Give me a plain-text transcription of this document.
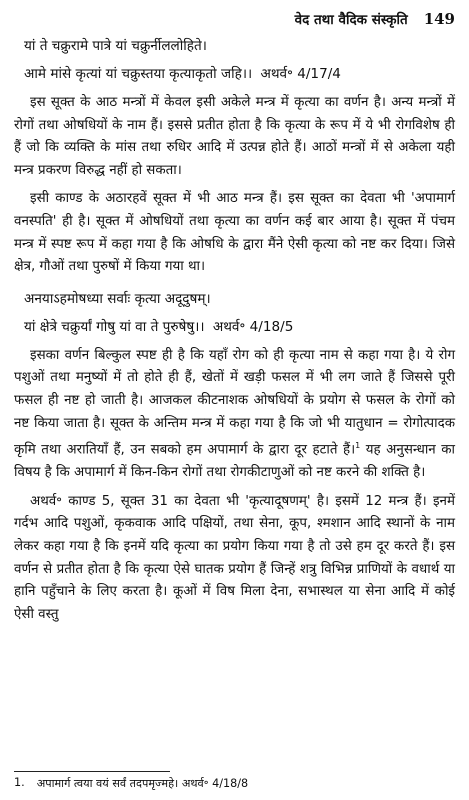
वेद तथा वैदिक संस्कृति 149
यां ते चक्रुरामे पात्रे यां चक्रुर्नीललोहिते।
आमे मांसे कृत्यां यां चक्रुस्तया कृत्याकृतो जहि।। अथर्व॰ 4/17/4

इस सूक्त के आठ मन्त्रों में केवल इसी अकेले मन्त्र में कृत्या का वर्णन है। अन्य मन्त्रों में रोगों तथा ओषधियों के नाम हैं। इससे प्रतीत होता है कि कृत्या के रूप में ये भी रोगविशेष ही हैं जो कि व्यक्ति के मांस तथा रुधिर आदि में उत्पन्न होते हैं। आठों मन्त्रों में से अकेला यही मन्त्र प्रकरण विरुद्ध नहीं हो सकता।

इसी काण्ड के अठारहवें सूक्त में भी आठ मन्त्र हैं। इस सूक्त का देवता भी 'अपामार्ग वनस्पति' ही है। सूक्त में ओषधियों तथा कृत्या का वर्णन कई बार आया है। सूक्त में पंचम मन्त्र में स्पष्ट रूप में कहा गया है कि ओषधि के द्वारा मैंने ऐसी कृत्या को नष्ट कर दिया। जिसे क्षेत्र, गौओं तथा पुरुषों में किया गया था।

अनयाऽहमोषध्या सर्वाः कृत्या अदूदुषम्।
यां क्षेत्रे चक्रुर्यां गोषु यां वा ते पुरुषेषु।। अथर्व॰ 4/18/5

इसका वर्णन बिल्कुल स्पष्ट ही है कि यहाँ रोग को ही कृत्या नाम से कहा गया है। ये रोग पशुओं तथा मनुष्यों में तो होते ही हैं, खेतों में खड़ी फसल में भी लग जाते हैं जिससे पूरी फसल ही नष्ट हो जाती है। आजकल कीटनाशक ओषधियों के प्रयोग से फसल के रोगों को नष्ट किया जाता है। सूक्त के अन्तिम मन्त्र में कहा गया है कि जो भी यातुधान = रोगोत्पादक कृमि तथा अरातियाँ हैं, उन सबको हम अपामार्ग के द्वारा दूर हटाते हैं।$^1$ यह अनुसन्धान का विषय है कि अपामार्ग में किन-किन रोगों तथा रोगकीटाणुओं को नष्ट करने की शक्ति है।

अथर्व॰ काण्ड 5, सूक्त 31 का देवता भी 'कृत्यादूषणम्' है। इसमें 12 मन्त्र हैं। इनमें गर्दभ आदि पशुओं, कृकवाक आदि पक्षियों, तथा सेना, कूप, श्मशान आदि स्थानों के नाम लेकर कहा गया है कि इनमें यदि कृत्या का प्रयोग किया गया है तो उसे हम दूर करते हैं। इस वर्णन से प्रतीत होता है कि कृत्या ऐसे घातक प्रयोग हैं जिन्हें शत्रु विभिन्न प्राणियों के वधार्थ या हानि पहुँचाने के लिए करता है। कूओं में विष मिला देना, सभास्थल या सेना आदि में कोई ऐसी वस्तु

1. अपामार्ग त्वया वयं सर्वं तदपमृज्महे। अथर्व॰ 4/18/8
